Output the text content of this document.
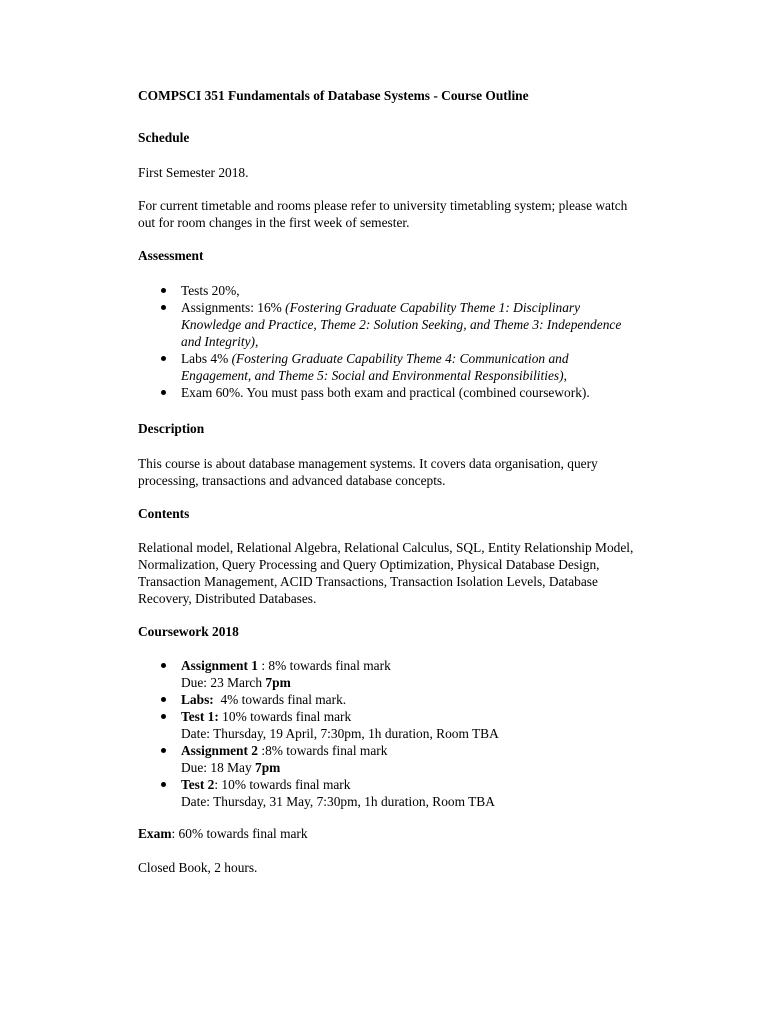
COMPSCI 351 Fundamentals of Database Systems - Course Outline

Schedule

First Semester 2018.

For current timetable and rooms please refer to university timetabling system; please watch out for room changes in the first week of semester.

Assessment

Tests 20%,
Assignments: 16% (Fostering Graduate Capability Theme 1: Disciplinary Knowledge and Practice, Theme 2: Solution Seeking, and Theme 3: Independence and Integrity),
Labs 4% (Fostering Graduate Capability Theme 4: Communication and Engagement, and Theme 5: Social and Environmental Responsibilities),
Exam 60%. You must pass both exam and practical (combined coursework).

Description

This course is about database management systems. It covers data organisation, query processing, transactions and advanced database concepts.

Contents

Relational model, Relational Algebra, Relational Calculus, SQL, Entity Relationship Model, Normalization, Query Processing and Query Optimization, Physical Database Design, Transaction Management, ACID Transactions, Transaction Isolation Levels, Database Recovery, Distributed Databases.

Coursework 2018

Assignment 1 : 8% towards final mark
Due: 23 March 7pm
Labs:  4% towards final mark.
Test 1: 10% towards final mark
Date: Thursday, 19 April, 7:30pm, 1h duration, Room TBA
Assignment 2 :8% towards final mark
Due: 18 May 7pm
Test 2: 10% towards final mark
Date: Thursday, 31 May, 7:30pm, 1h duration, Room TBA

Exam: 60% towards final mark

Closed Book, 2 hours.
